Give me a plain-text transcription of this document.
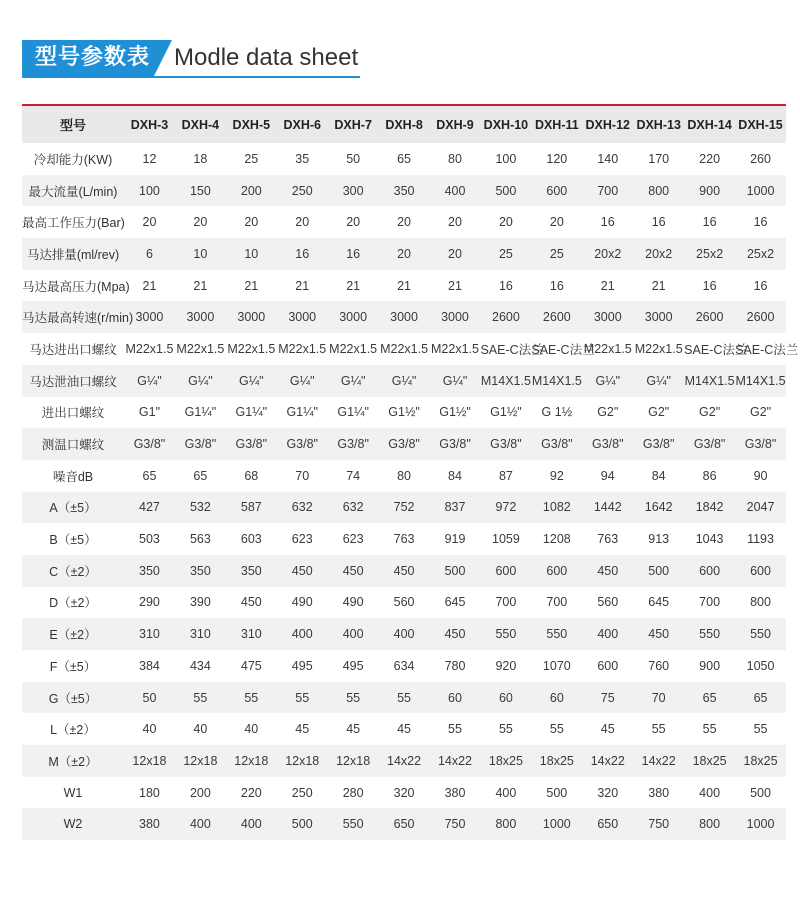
型号参数表 Modle data sheet
型号	DXH-3	DXH-4	DXH-5	DXH-6	DXH-7	DXH-8	DXH-9	DXH-10	DXH-11	DXH-12	DXH-13	DXH-14	DXH-15
冷却能力(KW)	12	18	25	35	50	65	80	100	120	140	170	220	260
最大流量(L/min)	100	150	200	250	300	350	400	500	600	700	800	900	1000
最高工作压力(Bar)	20	20	20	20	20	20	20	20	20	16	16	16	16
马达排量(ml/rev)	6	10	10	16	16	20	20	25	25	20x2	20x2	25x2	25x2
马达最高压力(Mpa)	21	21	21	21	21	21	21	16	16	21	21	16	16
马达最高转速(r/min)	3000	3000	3000	3000	3000	3000	3000	2600	2600	3000	3000	2600	2600
马达进出口螺纹	M22x1.5	M22x1.5	M22x1.5	M22x1.5	M22x1.5	M22x1.5	M22x1.5	SAE-C法兰	SAE-C法兰	M22x1.5	M22x1.5	SAE-C法兰	SAE-C法兰
马达泄油口螺纹	G¼"	G¼"	G¼"	G¼"	G¼"	G¼"	G¼"	M14X1.5	M14X1.5	G¼"	G¼"	M14X1.5	M14X1.5
进出口螺纹	G1"	G1¼"	G1¼"	G1¼"	G1¼"	G1½"	G1½"	G1½"	G 1½	G2"	G2"	G2"	G2"
测温口螺纹	G3/8"	G3/8"	G3/8"	G3/8"	G3/8"	G3/8"	G3/8"	G3/8"	G3/8"	G3/8"	G3/8"	G3/8"	G3/8"
噪音dB	65	65	68	70	74	80	84	87	92	94	84	86	90
A（±5）	427	532	587	632	632	752	837	972	1082	1442	1642	1842	2047
B（±5）	503	563	603	623	623	763	919	1059	1208	763	913	1043	1193
C（±2）	350	350	350	450	450	450	500	600	600	450	500	600	600
D（±2）	290	390	450	490	490	560	645	700	700	560	645	700	800
E（±2）	310	310	310	400	400	400	450	550	550	400	450	550	550
F（±5）	384	434	475	495	495	634	780	920	1070	600	760	900	1050
G（±5）	50	55	55	55	55	55	60	60	60	75	70	65	65
L（±2）	40	40	40	45	45	45	55	55	55	45	55	55	55
M（±2）	12x18	12x18	12x18	12x18	12x18	14x22	14x22	18x25	18x25	14x22	14x22	18x25	18x25
W1	180	200	220	250	280	320	380	400	500	320	380	400	500
W2	380	400	400	500	550	650	750	800	1000	650	750	800	1000
